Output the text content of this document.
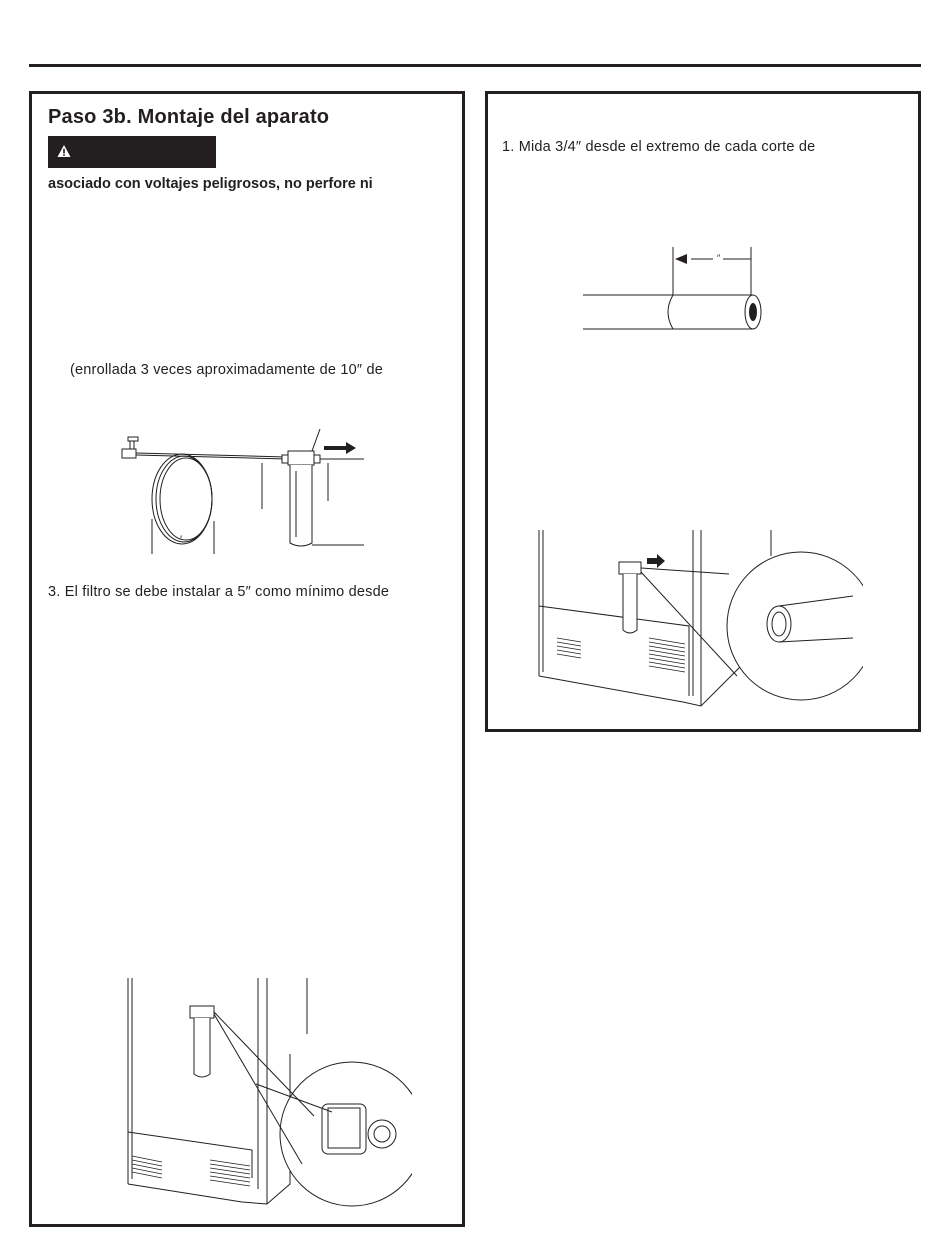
Paso 3b. Montaje del aparato
asociado con voltajes peligrosos, no perfore ni
(enrollada 3 veces aproximadamente de 10″ de
′
3. El filtro se debe instalar a 5″ como mínimo desde
1. Mida 3/4″ desde el extremo de cada corte de
″
